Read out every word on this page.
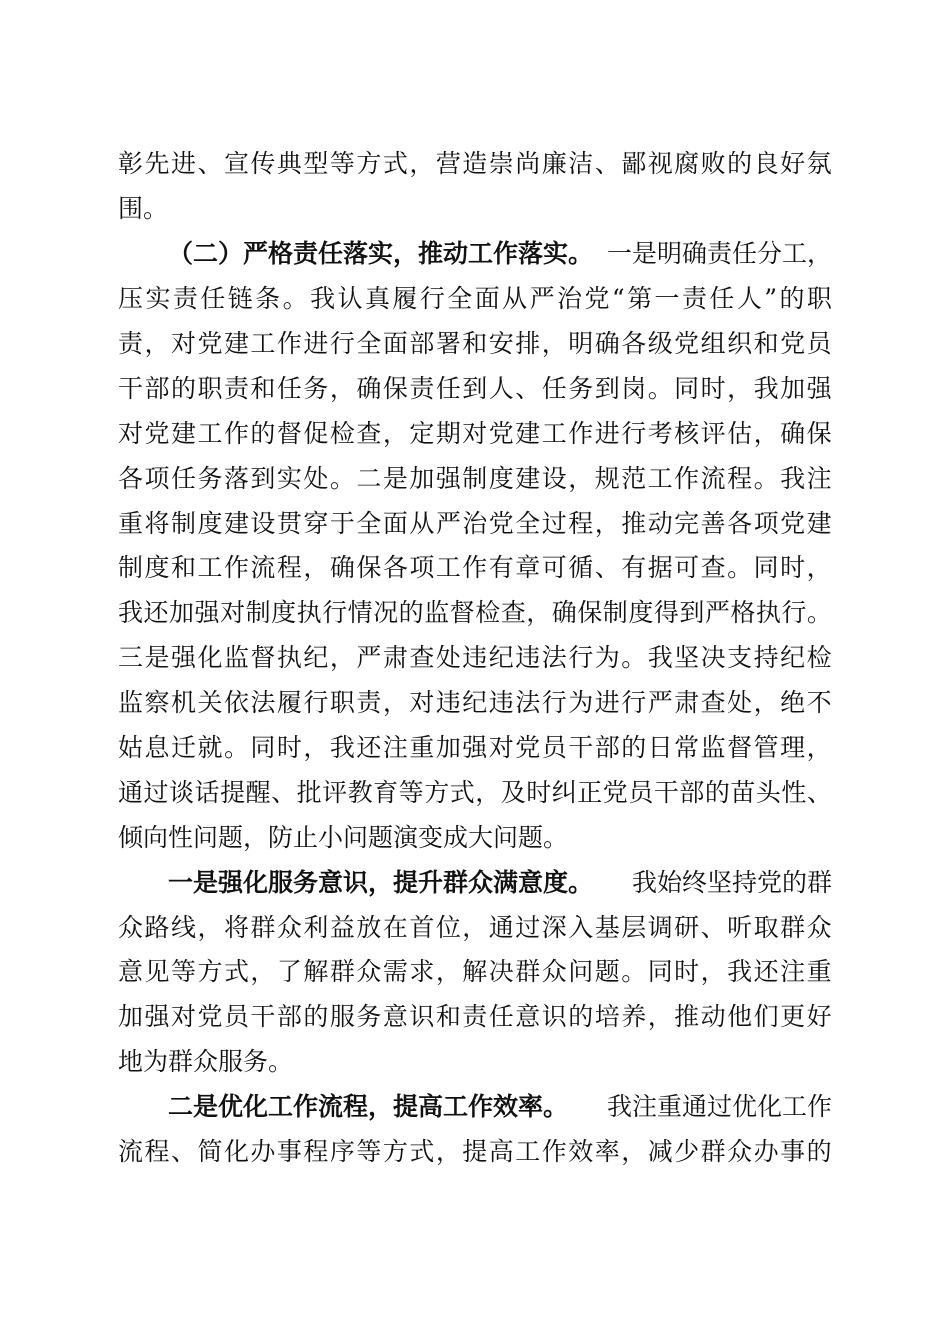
彰 先 进 、 宣 传 典 型 等 方 式 ， 营 造 崇 尚 廉 洁 、 鄙 视 腐 败 的 良 好 氛
围。
（二）严格责任落实，推动工作落实。 一是明确责任分工，
压 实 责 任 链 条 。 我 认 真 履 行 全 面 从 严 治 党 “ 第 一 责 任 人 ” 的 职
责 ， 对 党 建 工 作 进 行 全 面 部 署 和 安 排 ， 明 确 各 级 党 组 织 和 党 员
干 部 的 职 责 和 任 务 ， 确 保 责 任 到 人 、 任 务 到 岗 。 同 时 ， 我 加 强
对 党 建 工 作 的 督 促 检 查 ， 定 期 对 党 建 工 作 进 行 考 核 评 估 ， 确 保
各 项 任 务 落 到 实 处 。 二 是 加 强 制 度 建 设 ， 规 范 工 作 流 程 。 我 注
重 将 制 度 建 设 贯 穿 于 全 面 从 严 治 党 全 过 程 ， 推 动 完 善 各 项 党 建
制 度 和 工 作 流 程 ， 确 保 各 项 工 作 有 章 可 循 、 有 据 可 查 。 同 时 ，
我 还 加 强 对 制 度 执 行 情 况 的 监 督 检 查 ， 确 保 制 度 得 到 严 格 执 行 。
三 是 强 化 监 督 执 纪 ， 严 肃 查 处 违 纪 违 法 行 为 。 我 坚 决 支 持 纪 检
监 察 机 关 依 法 履 行 职 责 ， 对 违 纪 违 法 行 为 进 行 严 肃 查 处 ， 绝 不
姑 息 迁 就 。 同 时 ， 我 还 注 重 加 强 对 党 员 干 部 的 日 常 监 督 管 理 ，
通 过 谈 话 提 醒 、 批 评 教 育 等 方 式 ， 及 时 纠 正 党 员 干 部 的 苗 头 性 、
倾向性问题，防止小问题演变成大问题。
一是强化服务意识，提升群众满意度。 我始终坚持党的群
众 路 线 ， 将 群 众 利 益 放 在 首 位 ， 通 过 深 入 基 层 调 研 、 听 取 群 众
意 见 等 方 式 ， 了 解 群 众 需 求 ， 解 决 群 众 问 题 。 同 时 ， 我 还 注 重
加 强 对 党 员 干 部 的 服 务 意 识 和 责 任 意 识 的 培 养 ， 推 动 他 们 更 好
地为群众服务。
二是优化工作流程，提高工作效率。 我注重通过优化工作
流 程 、 简 化 办 事 程 序 等 方 式 ， 提 高 工 作 效 率 ， 减 少 群 众 办 事 的
